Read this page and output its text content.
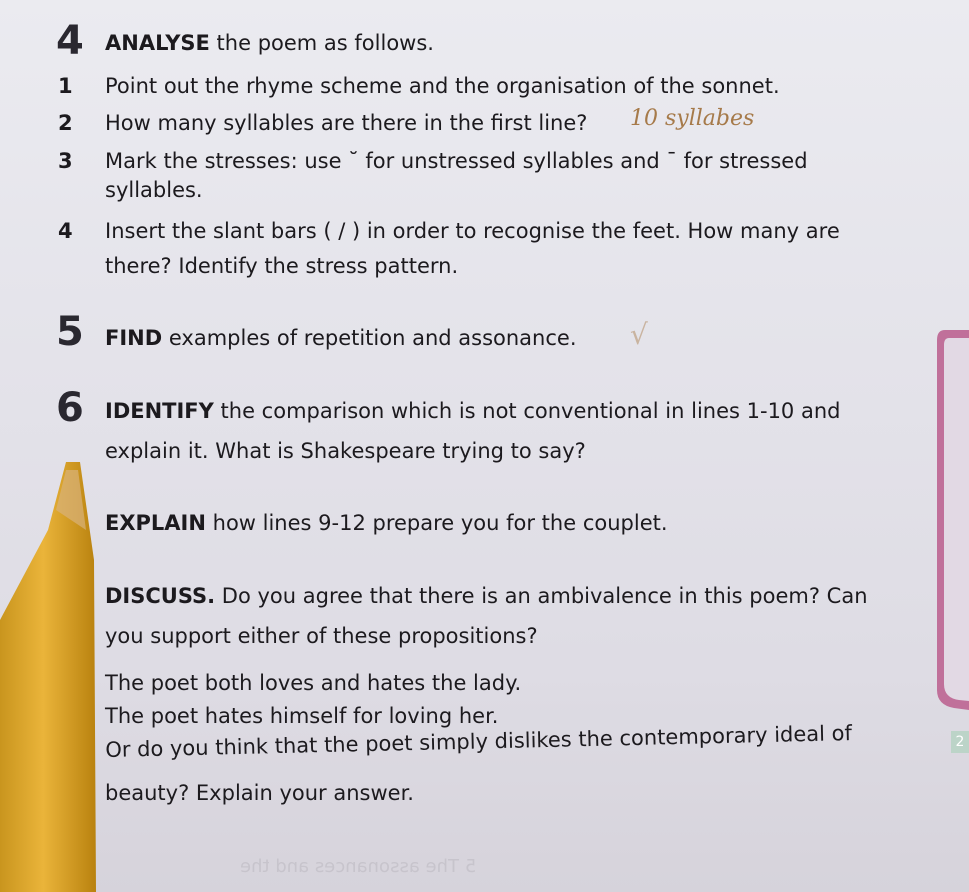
4 ANALYSE the poem as follows.
1 Point out the rhyme scheme and the organisation of the sonnet.
2 How many syllables are there in the first line? 10 syllabes
3 Mark the stresses: use ˘ for unstressed syllables and ¯ for stressed
syllables.
4 Insert the slant bars ( / ) in order to recognise the feet. How many are
there? Identify the stress pattern.
5 FIND examples of repetition and assonance. √
6 IDENTIFY the comparison which is not conventional in lines 1-10 and
explain it. What is Shakespeare trying to say?
EXPLAIN how lines 9-12 prepare you for the couplet.
DISCUSS. Do you agree that there is an ambivalence in this poem? Can
you support either of these propositions?
The poet both loves and hates the lady.
The poet hates himself for loving her.
Or do you think that the poet simply dislikes the contemporary ideal of
beauty? Explain your answer.
2
5 The assonances and the
